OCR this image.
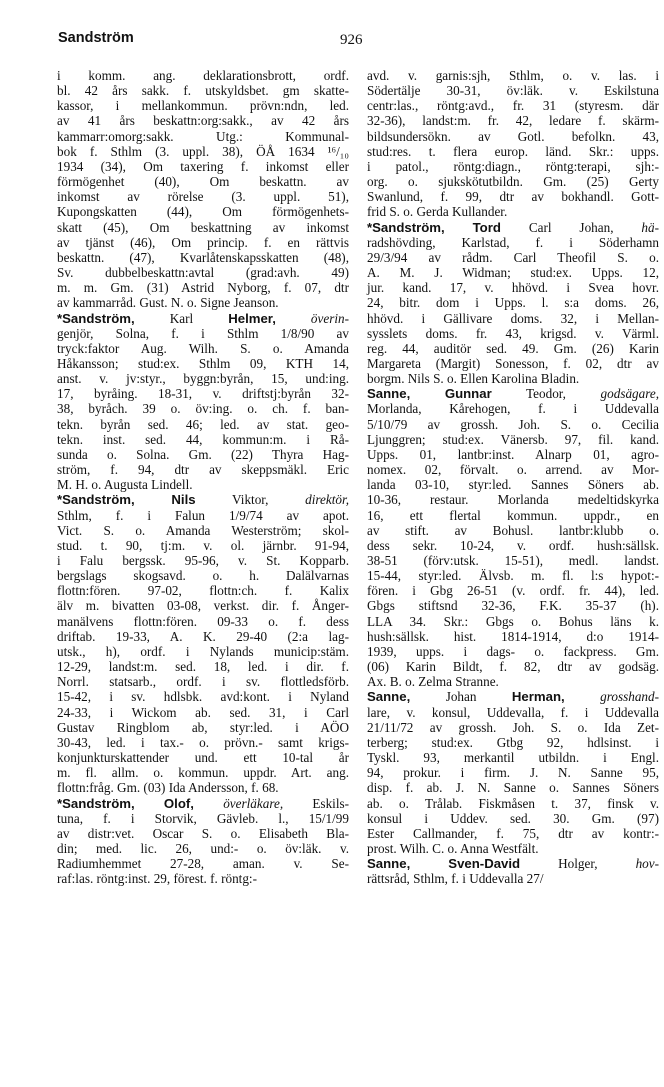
Sandström	926
i komm. ang. deklarationsbrott, ordf.
bl. 42 års sakk. f. utskyldsbet. gm skatte-
kassor, i mellankommun. prövn:ndn, led.
av 41 års beskattn:org:sakk., av 42 års
kammarr:omorg:sakk. Utg.: Kommunal-
bok f. Sthlm (3. uppl. 38), ÖÅ 1634 ¹⁶/₁₀
1934 (34), Om taxering f. inkomst eller
förmögenhet (40), Om beskattn. av
inkomst av rörelse (3. uppl. 51),
Kupongskatten (44), Om förmögenhets-
skatt (45), Om beskattning av inkomst
av tjänst (46), Om princip. f. en rättvis
beskattn. (47), Kvarlåtenskapsskatten (48),
Sv. dubbelbeskattn:avtal (grad:avh. 49)
m. m. Gm. (31) Astrid Nyborg, f. 07, dtr
av kammarråd. Gust. N. o. Signe Jeanson.
*Sandström,	Karl	Helmer,	överin-
genjör, Solna, f. i Sthlm 1/8/90 av
tryck:faktor Aug. Wilh. S. o. Amanda
Håkansson; stud:ex. Sthlm 09, KTH 14,
anst. v. jv:styr., byggn:byrån, 15, und:ing.
17, byråing. 18-31, v. driftstj:byrån 32-
38, byråch. 39 o. öv:ing. o. ch. f. ban-
tekn. byrån sed. 46; led. av stat. geo-
tekn. inst. sed. 44, kommun:m. i Rå-
sunda o. Solna. Gm. (22) Thyra Hag-
ström, f. 94, dtr av skeppsmäkl. Eric
M. H. o. Augusta Lindell.
*Sandström,	Nils	Viktor,	direktör,
Sthlm, f. i Falun 1/9/74 av apot.
Vict. S. o. Amanda Westerström; skol-
stud. t. 90, tj:m. v. ol. järnbr. 91-94,
i Falu bergssk. 95-96, v. St. Kopparb.
bergslags skogsavd. o. h. Dalälvarnas
flottn:fören. 97-02, flottn:ch. f. Kalix
älv m. bivatten 03-08, verkst. dir. f. Ånger-
manälvens flottn:fören. 09-33 o. f. dess
driftab. 19-33, A. K. 29-40 (2:a lag-
utsk., h), ordf. i Nylands municip:stäm.
12-29, landst:m. sed. 18, led. i dir. f.
Norrl. statsarb., ordf. i sv. flottledsförb.
15-42, i sv. hdlsbk. avd:kont. i Nyland
24-33, i Wickom ab. sed. 31, i Carl
Gustav Ringblom ab, styr:led. i AÖO
30-43, led. i tax.- o. prövn.- samt krigs-
konjunkturskattender und. ett 10-tal år
m. fl. allm. o. kommun. uppdr. Art. ang.
flottn:fråg. Gm. (03) Ida Andersson, f. 68.
*Sandström, Olof, överläkare, Eskils-
tuna, f. i Storvik, Gävleb. l., 15/1/99
av distr:vet. Oscar S. o. Elisabeth Bla-
din; med. lic. 26, und:- o. öv:läk. v.
Radiumhemmet 27-28, aman. v. Se-
raf:las. röntg:inst. 29, förest. f. röntg:-
avd. v. garnis:sjh, Sthlm, o. v. las. i
Södertälje 30-31, öv:läk. v. Eskilstuna
centr:las., röntg:avd., fr. 31 (styresm. där
32-36), landst:m. fr. 42, ledare f. skärm-
bildsundersökn. av Gotl. befolkn. 43,
stud:res. t. flera europ. länd. Skr.: upps.
i patol., röntg:diagn., röntg:terapi, sjh:-
org. o. sjukskötutbildn. Gm. (25) Gerty
Swanlund, f. 99, dtr av bokhandl. Gott-
frid S. o. Gerda Kullander.
*Sandström, Tord Carl Johan, hä-
radshövding, Karlstad, f. i Söderhamn
29/3/94 av rådm. Carl Theofil S. o.
A. M. J. Widman; stud:ex. Upps. 12,
jur. kand. 17, v. hhövd. i Svea hovr.
24, bitr. dom i Upps. l. s:a doms. 26,
hhövd. i Gällivare doms. 32, i Mellan-
sysslets doms. fr. 43, krigsd. v. Värml.
reg. 44, auditör sed. 49. Gm. (26) Karin
Margareta (Margit) Sonesson, f. 02, dtr av
borgm. Nils S. o. Ellen Karolina Bladin.
Sanne,	Gunnar	Teodor,	godsägare,
Morlanda, Kårehogen, f. i Uddevalla
5/10/79 av grossh. Joh. S. o. Cecilia
Ljunggren; stud:ex. Vänersb. 97, fil. kand.
Upps. 01, lantbr:inst. Alnarp 01, agro-
nomex. 02, förvalt. o. arrend. av Mor-
landa 03-10, styr:led. Sannes Söners ab.
10-36, restaur. Morlanda medeltidskyrka
16, ett flertal kommun. uppdr., en
av stift. av Bohusl. lantbr:klubb o.
dess sekr. 10-24, v. ordf. hush:sällsk.
38-51 (förv:utsk. 15-51), medl. landst.
15-44, styr:led. Älvsb. m. fl. l:s hypot:-
fören. i Gbg 26-51 (v. ordf. fr. 44), led.
Gbgs stiftsnd 32-36, F.K. 35-37 (h).
LLA 34. Skr.: Gbgs o. Bohus läns k.
hush:sällsk. hist. 1814-1914, d:o 1914-
1939, upps. i dags- o. fackpress. Gm.
(06) Karin Bildt, f. 82, dtr av godsäg.
Ax. B. o. Zelma Stranne.
Sanne,	Johan	Herman,	grosshand-
lare, v. konsul, Uddevalla, f. i Uddevalla
21/11/72 av grossh. Joh. S. o. Ida Zet-
terberg; stud:ex. Gtbg 92, hdlsinst. i
Tyskl. 93, merkantil utbildn. i Engl.
94, prokur. i firm. J. N. Sanne 95,
disp. f. ab. J. N. Sanne o. Sannes Söners
ab. o. Trålab. Fiskmåsen t. 37, finsk v.
konsul i Uddev. sed. 30. Gm. (97)
Ester Callmander, f. 75, dtr av kontr:-
prost. Wilh. C. o. Anna Westfält.
Sanne,	Sven-David	Holger,	hov-
rättsråd, Sthlm, f. i Uddevalla 27/
